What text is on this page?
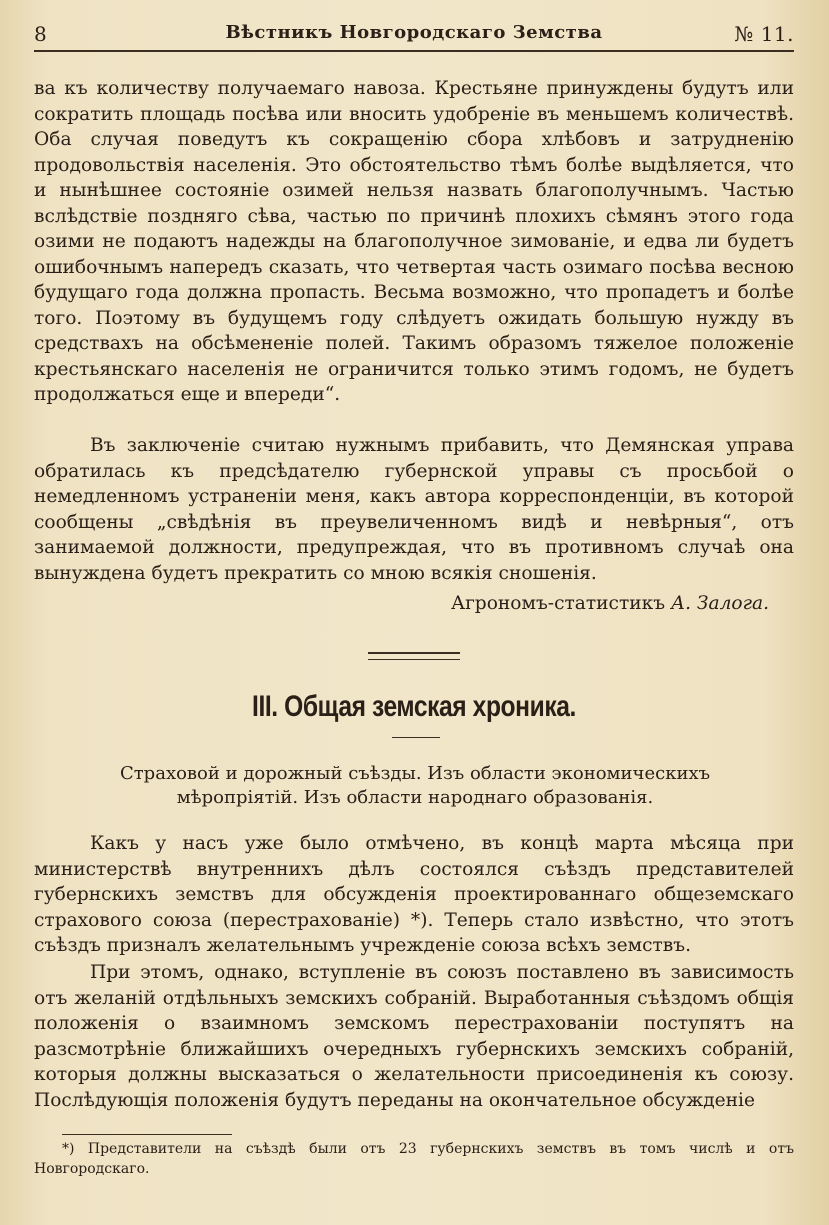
8	Вѣстникъ Новгородскаго Земства	№ 11.

ва къ количеству получаемаго навоза. Крестьяне принуждены будутъ или сократить площадь посѣва или вносить удобреніе въ меньшемъ количествѣ. Оба случая поведутъ къ сокращенію сбора хлѣбовъ и затрудненію продовольствія населенія. Это обстоятельство тѣмъ болѣе выдѣляется, что и нынѣшнее состояніе озимей нельзя назвать благополучнымъ. Частью вслѣдствіе поздняго сѣва, частью по причинѣ плохихъ сѣмянъ этого года озими не подаютъ надежды на благополучное зимованіе, и едва ли будетъ ошибочнымъ напередъ сказать, что четвертая часть озимаго посѣва весною будущаго года должна пропасть. Весьма возможно, что пропадетъ и болѣе того. Поэтому въ будущемъ году слѣдуетъ ожидать большую нужду въ средствахъ на обсѣмененіе полей. Такимъ образомъ тяжелое положеніе крестьянскаго населенія не ограничится только этимъ годомъ, не будетъ продолжаться еще и впереди“.

Въ заключеніе считаю нужнымъ прибавить, что Демянская управа обратилась къ предсѣдателю губернской управы съ просьбой о немедленномъ устраненіи меня, какъ автора корреспонденціи, въ которой сообщены „свѣдѣнія въ преувеличенномъ видѣ и невѣрныя“, отъ занимаемой должности, предупреждая, что въ противномъ случаѣ она вынуждена будетъ прекратить со мною всякія сношенія.

Агрономъ-статистикъ А. Залога.
III. Общая земская хроника.
Страховой и дорожный съѣзды. Изъ области экономическихъ мѣропріятій. Изъ области народнаго образованія.

Какъ у насъ уже было отмѣчено, въ концѣ марта мѣсяца при министерствѣ внутреннихъ дѣлъ состоялся съѣздъ представителей губернскихъ земствъ для обсужденія проектированнаго общеземскаго страхового союза (перестрахованіе) *). Теперь стало извѣстно, что этотъ съѣздъ призналъ желательнымъ учрежденіе союза всѣхъ земствъ.

При этомъ, однако, вступленіе въ союзъ поставлено въ зависимость отъ желаній отдѣльныхъ земскихъ собраній. Выработанныя съѣздомъ общія положенія о взаимномъ земскомъ перестрахованіи поступятъ на разсмотрѣніе ближайшихъ очередныхъ губернскихъ земскихъ собраній, которыя должны высказаться о желательности присоединенія къ союзу. Послѣдующія положенія будутъ переданы на окончательное обсужденіе

*) Представители на съѣздѣ были отъ 23 губернскихъ земствъ въ томъ числѣ и отъ Новгородскаго.
